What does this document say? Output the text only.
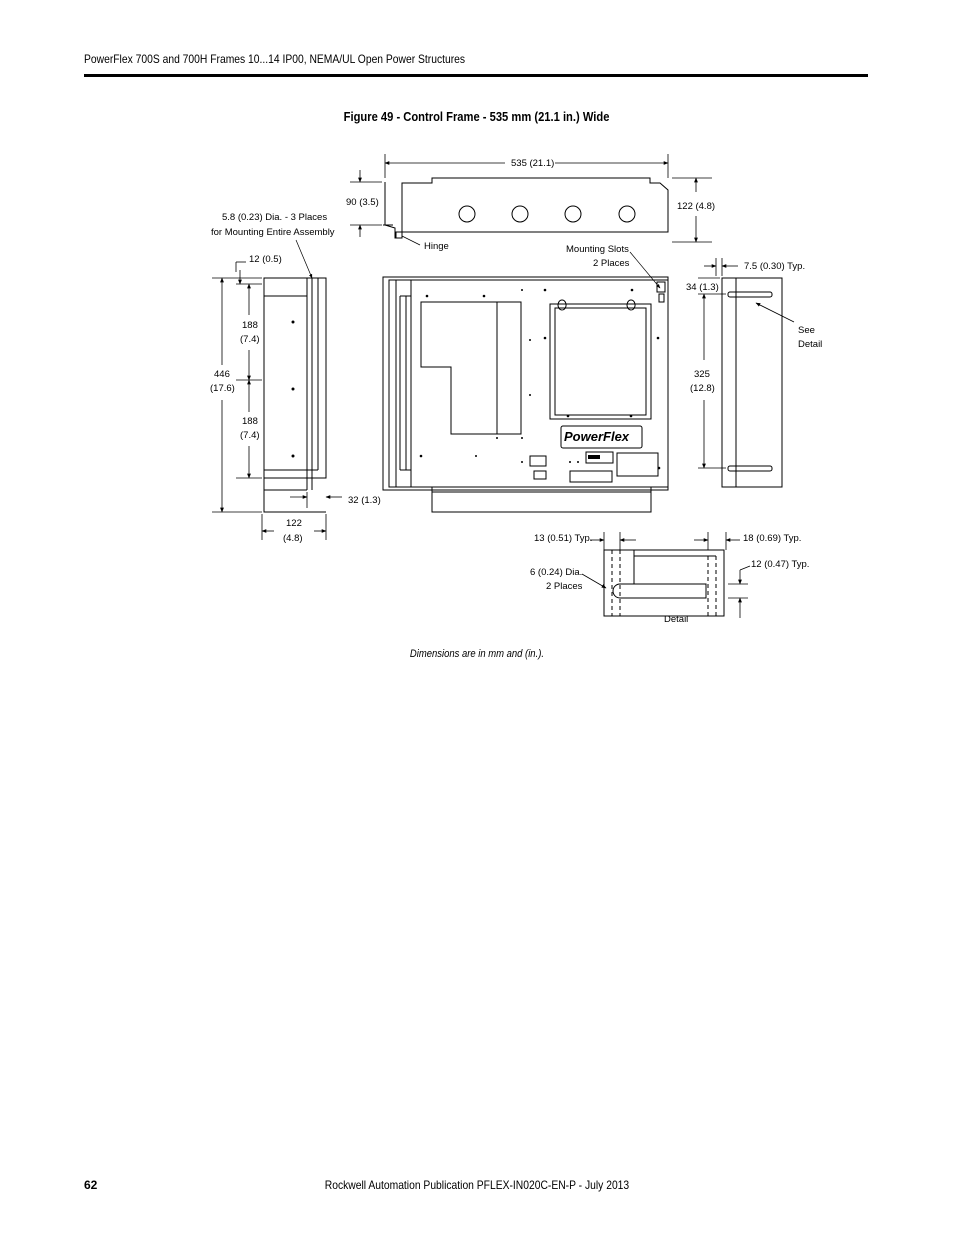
PowerFlex 700S and 700H Frames 10...14 IP00, NEMA/UL Open Power Structures
Figure 49 - Control Frame - 535 mm (21.1 in.) Wide
535 (21.1)
90 (3.5)	122 (4.8)
Hinge
5.8 (0.23) Dia. - 3 Places
for Mounting Entire Assembly
Mounting Slots
2 Places
12 (0.5)
446
(17.6)
188
(7.4)
188
(7.4)
32 (1.3)
122
(4.8)
PowerFlex
7.5 (0.30) Typ.
34 (1.3)
325
(12.8)
See
Detail
13 (0.51) Typ.	18 (0.69) Typ.
6 (0.24) Dia.
2 Places
12 (0.47) Typ.
Detail
Dimensions are in mm and (in.).
62	Rockwell Automation Publication PFLEX-IN020C-EN-P - July 2013
